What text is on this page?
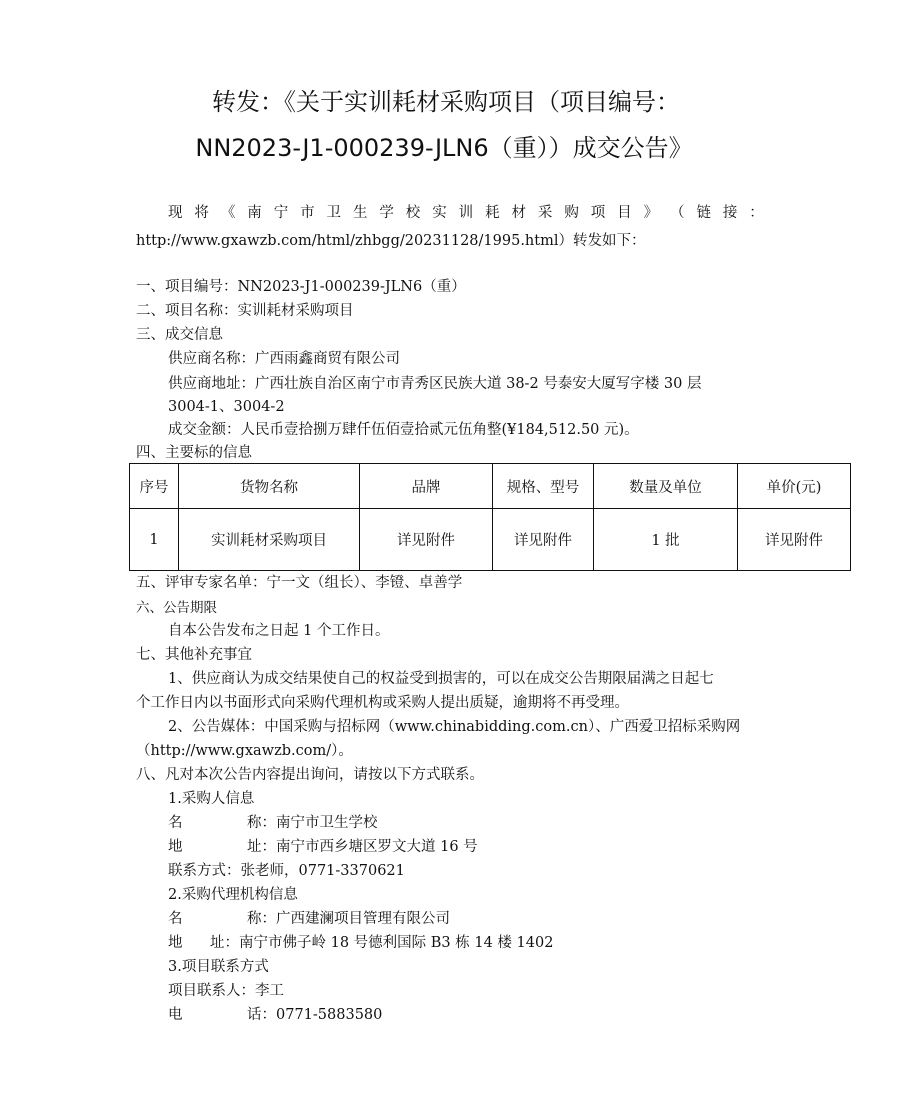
转发：《关于实训耗材采购项目（项目编号：
NN2023-J1-000239-JLN6（重））成交公告》
现 将 《 南 宁 市 卫 生 学 校 实 训 耗 材 采 购 项 目 》 （ 链 接 ：
http://www.gxawzb.com/html/zhbgg/20231128/1995.html）转发如下：
一、项目编号：NN2023-J1-000239-JLN6（重）
二、项目名称：实训耗材采购项目
三、成交信息
供应商名称：广西雨鑫商贸有限公司
供应商地址：广西壮族自治区南宁市青秀区民族大道 38-2 号泰安大厦写字楼 30 层
3004-1、3004-2
成交金额：人民币壹拾捌万肆仟伍佰壹拾贰元伍角整(¥184,512.50 元)。
四、主要标的信息
序号	货物名称	品牌	规格、型号	数量及单位	单价(元)
1	实训耗材采购项目	详见附件	详见附件	1 批	详见附件
五、评审专家名单：宁一文（组长）、李镫、卓善学
六、公告期限
自本公告发布之日起 1 个工作日。
七、其他补充事宜
1、供应商认为成交结果使自己的权益受到损害的，可以在成交公告期限届满之日起七
个工作日内以书面形式向采购代理机构或采购人提出质疑，逾期将不再受理。
2、公告媒体：中国采购与招标网（www.chinabidding.com.cn）、广西爱卫招标采购网
（http://www.gxawzb.com/）。
八、凡对本次公告内容提出询问，请按以下方式联系。
1.采购人信息
名	称：南宁市卫生学校
地	址：南宁市西乡塘区罗文大道 16 号
联系方式：张老师，0771-3370621
2.采购代理机构信息
名	称：广西建澜项目管理有限公司
地 址：南宁市佛子岭 18 号德利国际 B3 栋 14 楼 1402
3.项目联系方式
项目联系人：李工
电	话：0771-5883580
